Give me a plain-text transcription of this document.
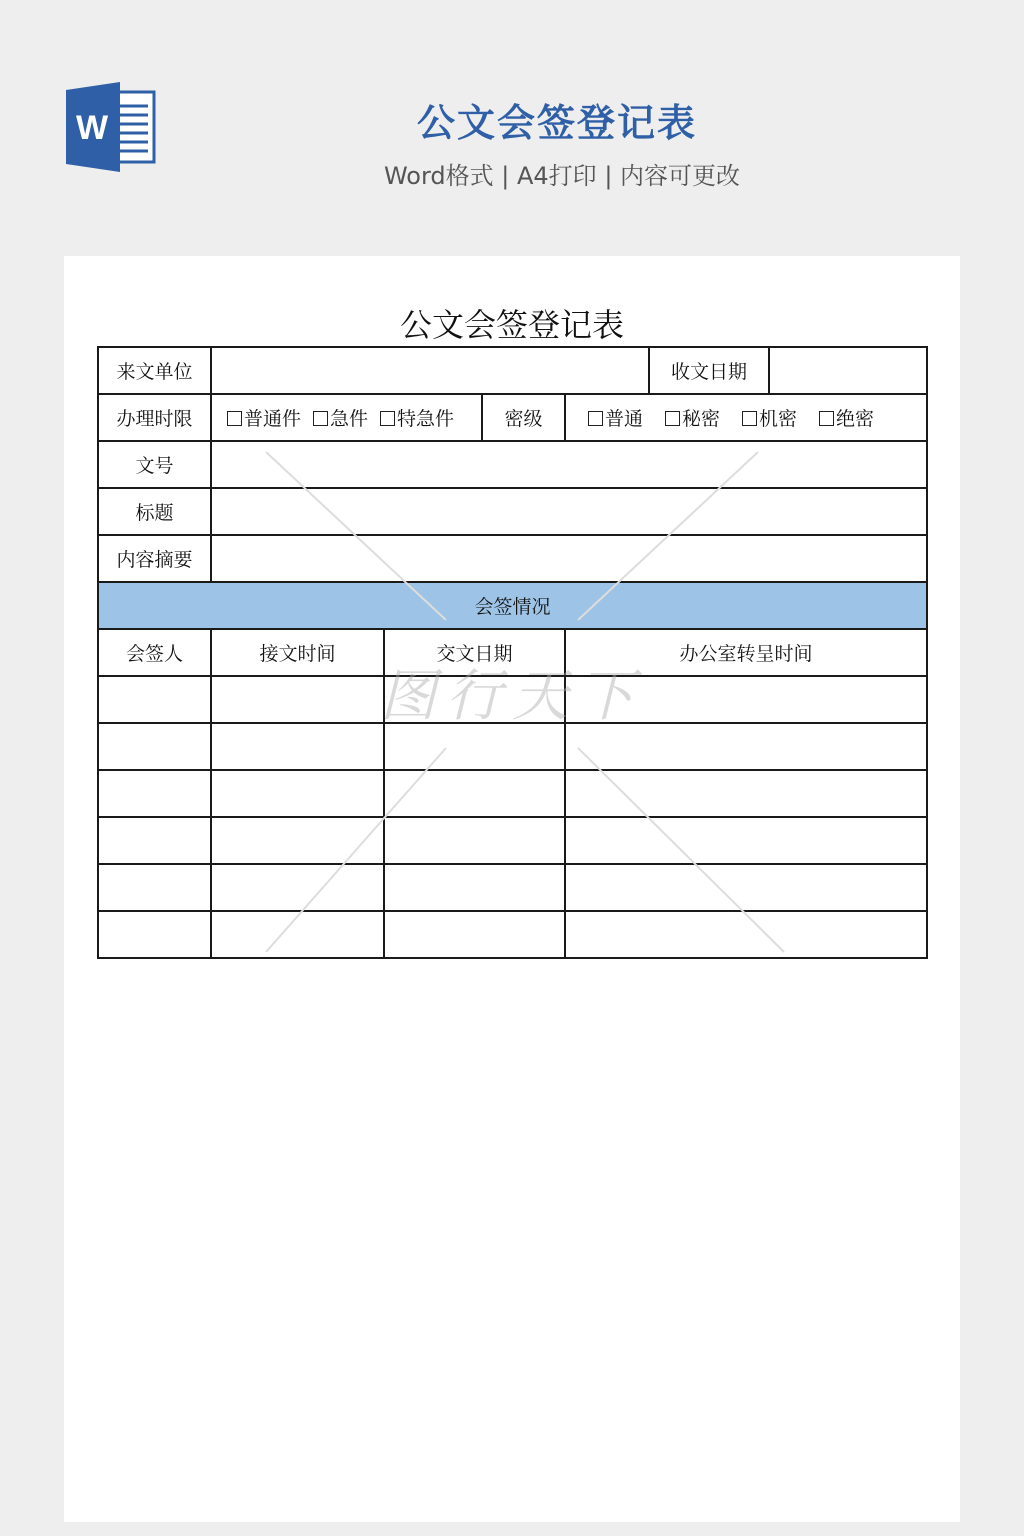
W	公文会签登记表
Word格式 | A4打印 | 内容可更改
公文会签登记表
来文单位					收文日期	
办理时限	普通件 急件 特急件		密级	普通 秘密 机密 绝密		
文号						
标题						
内容摘要						
会签情况						
会签人	接文时间	交文日期		办公室转呈时间		

图行天下
